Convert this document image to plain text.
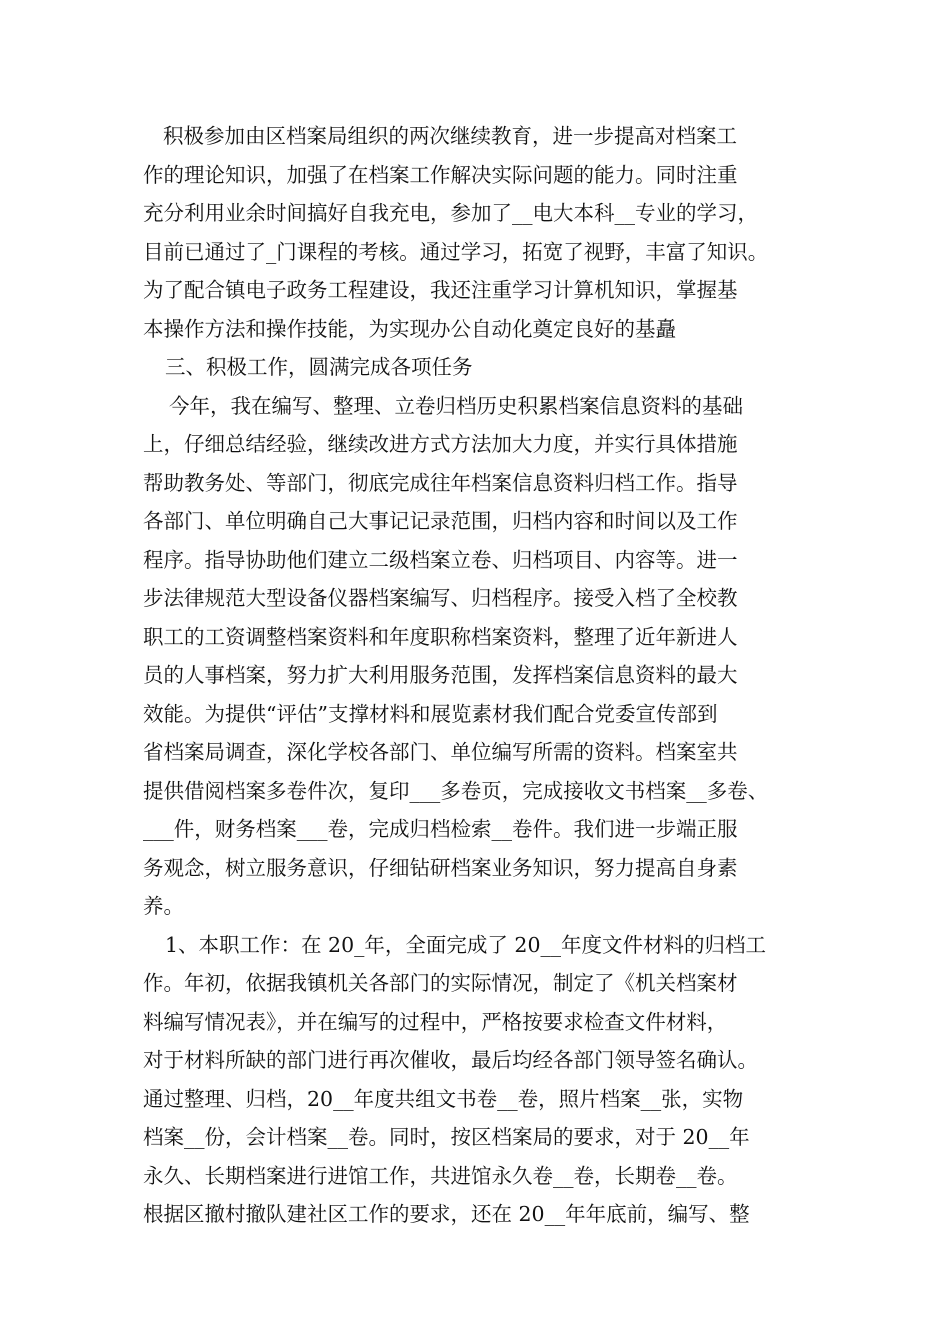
积极参加由区档案局组织的两次继续教育，进一步提高对档案工
作的理论知识，加强了在档案工作解决实际问题的能力。同时注重
充分利用业余时间搞好自我充电，参加了__电大本科__专业的学习，
目前已通过了_门课程的考核。通过学习，拓宽了视野，丰富了知识。
为了配合镇电子政务工程建设，我还注重学习计算机知识，掌握基
本操作方法和操作技能，为实现办公自动化奠定良好的基矗
三、积极工作，圆满完成各项任务
今年，我在编写、整理、立卷归档历史积累档案信息资料的基础
上，仔细总结经验，继续改进方式方法加大力度，并实行具体措施
帮助教务处、等部门，彻底完成往年档案信息资料归档工作。指导
各部门、单位明确自己大事记记录范围，归档内容和时间以及工作
程序。指导协助他们建立二级档案立卷、归档项目、内容等。进一
步法律规范大型设备仪器档案编写、归档程序。接受入档了全校教
职工的工资调整档案资料和年度职称档案资料，整理了近年新进人
员的人事档案，努力扩大利用服务范围，发挥档案信息资料的最大
效能。为提供“评估”支撑材料和展览素材我们配合党委宣传部到
省档案局调查，深化学校各部门、单位编写所需的资料。档案室共
提供借阅档案多卷件次，复印___多卷页，完成接收文书档案__多卷、
___件，财务档案___卷，完成归档检索__卷件。我们进一步端正服
务观念，树立服务意识，仔细钻研档案业务知识，努力提高自身素
养。
1、本职工作：在 20_年，全面完成了 20__年度文件材料的归档工
作。年初，依据我镇机关各部门的实际情况，制定了《机关档案材
料编写情况表》，并在编写的过程中，严格按要求检查文件材料，
对于材料所缺的部门进行再次催收，最后均经各部门领导签名确认。
通过整理、归档，20__年度共组文书卷__卷，照片档案__张，实物
档案__份，会计档案__卷。同时，按区档案局的要求，对于 20__年
永久、长期档案进行进馆工作，共进馆永久卷__卷，长期卷__卷。
根据区撤村撤队建社区工作的要求，还在 20__年年底前，编写、整
